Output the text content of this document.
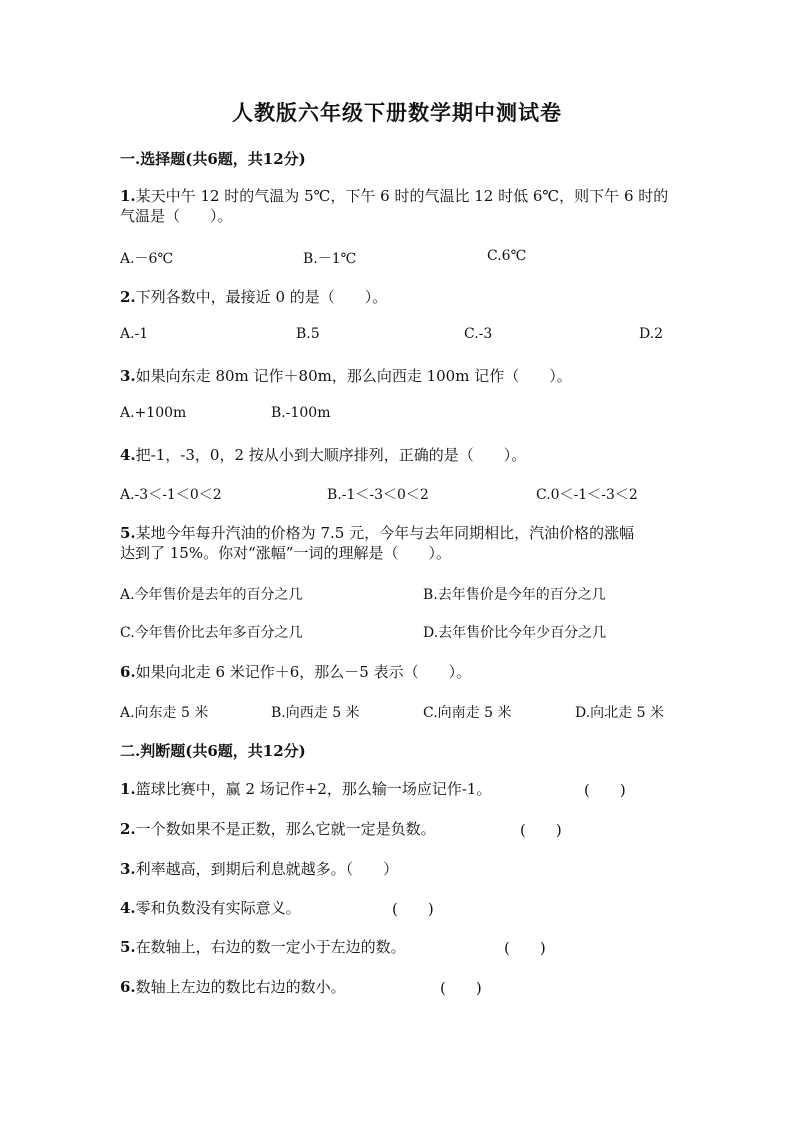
人教版六年级下册数学期中测试卷
一.选择题(共6题，共12分)
1.某天中午 12 时的气温为 5℃，下午 6 时的气温比 12 时低 6℃，则下午 6 时的
气温是（　　）。
A.－6℃	B.－1℃	C.6℃
2.下列各数中，最接近 0 的是（　　）。
A.-1	B.5	C.-3	D.2
3.如果向东走 80m 记作＋80m，那么向西走 100m 记作（　　）。
A.+100m	B.-100m
4.把-1，-3，0，2 按从小到大顺序排列，正确的是（　　）。
A.-3＜-1＜0＜2	B.-1＜-3＜0＜2	C.0＜-1＜-3＜2
5.某地今年每升汽油的价格为 7.5 元，今年与去年同期相比，汽油价格的涨幅
达到了 15%。你对“涨幅”一词的理解是（　　）。
A.今年售价是去年的百分之几	B.去年售价是今年的百分之几
C.今年售价比去年多百分之几	D.去年售价比今年少百分之几
6.如果向北走 6 米记作＋6，那么－5 表示（　　）。
A.向东走 5 米	B.向西走 5 米	C.向南走 5 米	D.向北走 5 米
二.判断题(共6题，共12分)
1.篮球比赛中，赢 2 场记作+2，那么输一场应记作-1。	(　　)
2.一个数如果不是正数，那么它就一定是负数。	(　　)
3.利率越高，到期后利息就越多。（　　）
4.零和负数没有实际意义。	(　　)
5.在数轴上，右边的数一定小于左边的数。	(　　)
6.数轴上左边的数比右边的数小。	(　　)
